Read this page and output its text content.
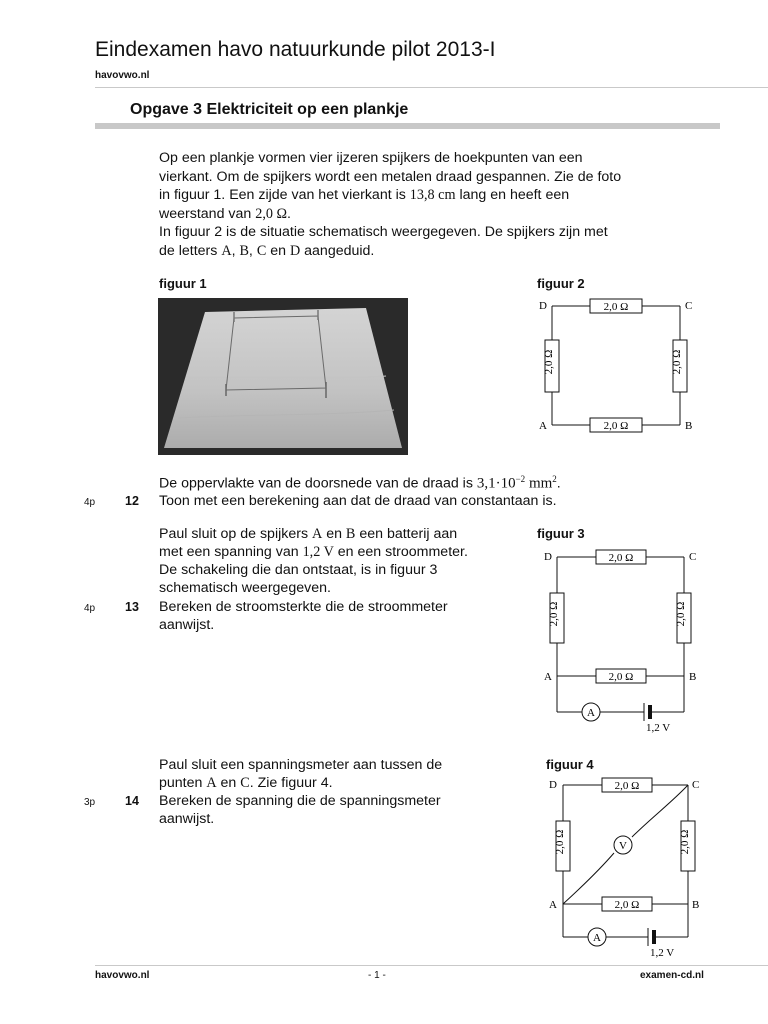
Eindexamen havo natuurkunde pilot 2013-I
havovwo.nl
Opgave 3 Elektriciteit op een plankje

Op een plankje vormen vier ijzeren spijkers de hoekpunten van een

vierkant. Om de spijkers wordt een metalen draad gespannen. Zie de foto

in figuur 1. Een zijde van het vierkant is 13,8 cm lang en heeft een

weerstand van 2,0 Ω.

In figuur 2 is de situatie schematisch weergegeven. De spijkers zijn met

de letters A, B, C en D aangeduid.

figuur 1	figuur 2
2,0 Ω
2,0 Ω
2,0 Ω	2,0 Ω
D	C
A	B
De oppervlakte van de doorsnede van de draad is $3,1\cdot 10^{-2}$ $mm^2$.
4p 12 Toon met een berekening aan dat de draad van constantaan is.
Paul sluit op de spijkers A en B een batterij aan
met een spanning van 1,2 V en een stroommeter.
De schakeling die dan ontstaat, is in figuur 3
schematisch weergegeven.
4p 13 Bereken de stroomsterkte die de stroommeter
aanwijst.
figuur 3
2,0 Ω
2,0 Ω
2,0 Ω	2,0 Ω
D	C
A	B
A
1,2 V
Paul sluit een spanningsmeter aan tussen de
punten A en C. Zie figuur 4.
3p 14 Bereken de spanning die de spanningsmeter
aanwijst.
figuur 4
2,0 Ω
2,0 Ω
2,0 Ω	2,0 Ω
D	C
A	B
A
V
1,2 V
havovwo.nl	- 1 -	examen-cd.nl
